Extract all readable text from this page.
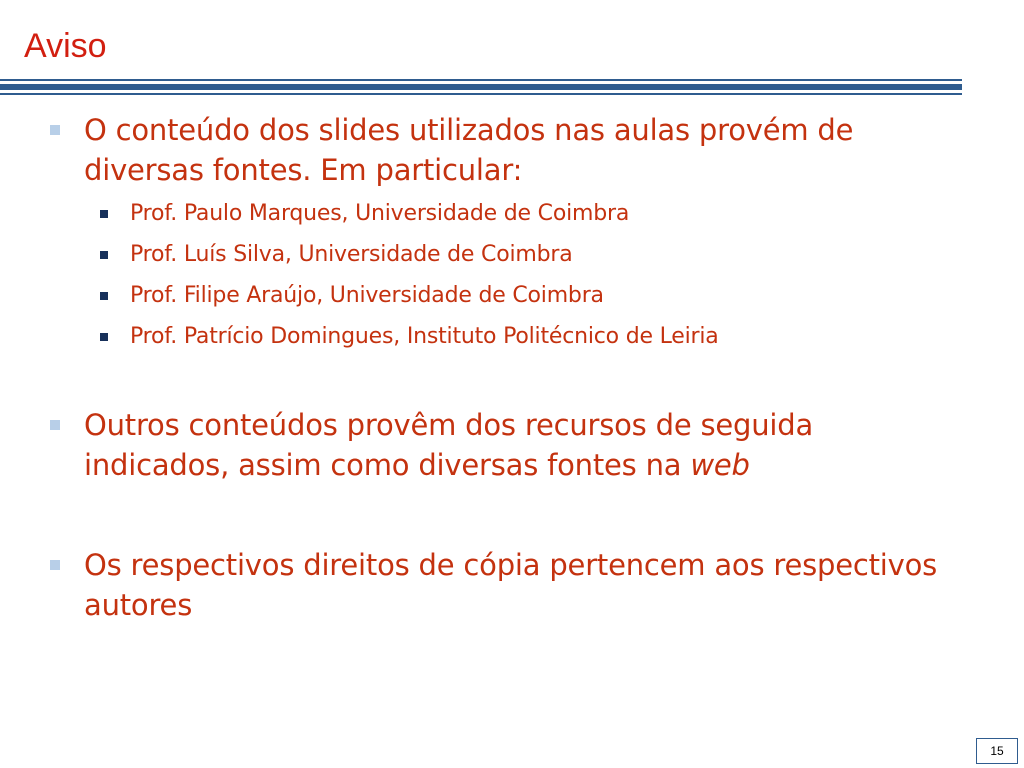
Aviso
O conteúdo dos slides utilizados nas aulas provém de diversas fontes. Em particular:
Prof. Paulo Marques, Universidade de Coimbra
Prof. Luís Silva, Universidade de Coimbra
Prof. Filipe Araújo, Universidade de Coimbra
Prof. Patrício Domingues, Instituto Politécnico de Leiria
Outros conteúdos provêm dos recursos de seguida indicados, assim como diversas fontes na web
Os respectivos direitos de cópia pertencem aos respectivos autores
15
